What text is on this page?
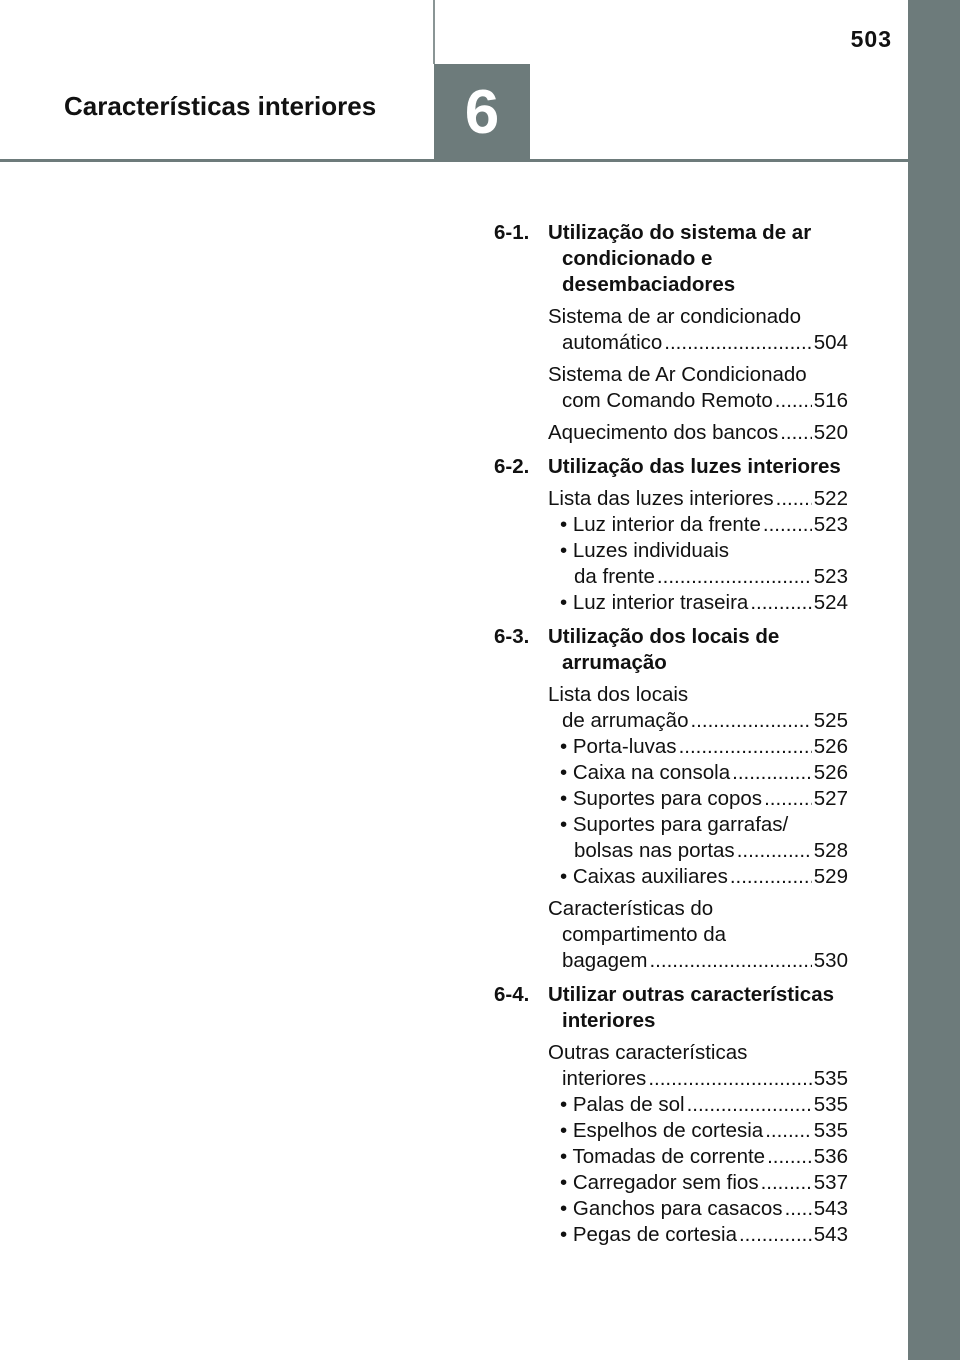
6
503
Características interiores
6-1. Utilização do sistema de ar condicionado e desembaciadores
Sistema de ar condicionado
automático .....	504
Sistema de Ar Condicionado
com Comando Remoto ..... 516
Aquecimento dos bancos ..... 520
6-2. Utilização das luzes interiores
Lista das luzes interiores ..... 522
• Luz interior da frente .....	523
• Luzes individuais
da frente .....	523
• Luz interior traseira .....	524
6-3. Utilização dos locais de arrumação
Lista dos locais
de arrumação .....	525
• Porta-luvas .....	526
• Caixa na consola .....	526
• Suportes para copos .....	527
• Suportes para garrafas/
bolsas nas portas .....	528
• Caixas auxiliares .....	529
Características do
compartimento da
bagagem .....	530
6-4. Utilizar outras características interiores
Outras características
interiores .....	535
• Palas de sol .....	535
• Espelhos de cortesia ..... 535
• Tomadas de corrente ..... 536
• Carregador sem fios .....	537
• Ganchos para casacos ..... 543
• Pegas de cortesia .....	543
